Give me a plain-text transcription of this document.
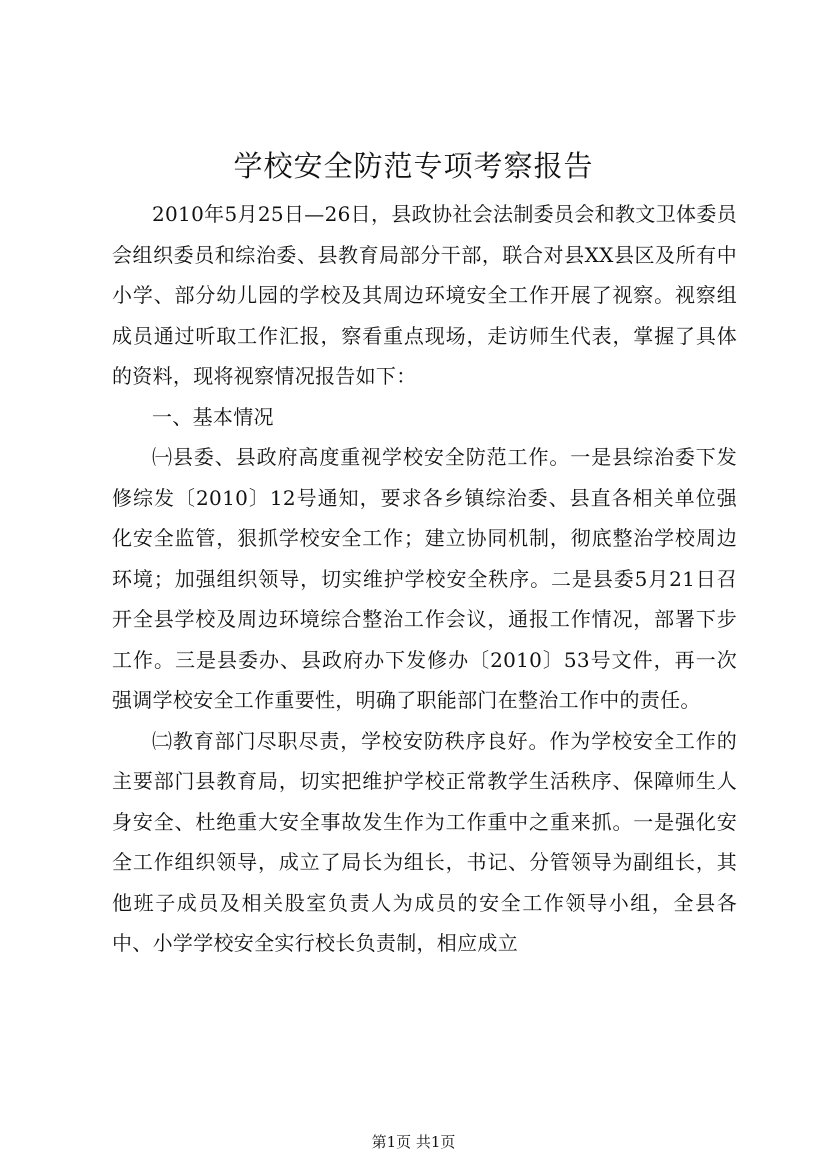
学校安全防范专项考察报告

2010年5月25日—26日，县政协社会法制委员会和教文卫体委员会组织委员和综治委、县教育局部分干部，联合对县XX县区及所有中小学、部分幼儿园的学校及其周边环境安全工作开展了视察。视察组成员通过听取工作汇报，察看重点现场，走访师生代表，掌握了具体的资料，现将视察情况报告如下：

一、基本情况

㈠县委、县政府高度重视学校安全防范工作。一是县综治委下发修综发〔2010〕12号通知，要求各乡镇综治委、县直各相关单位强化安全监管，狠抓学校安全工作；建立协同机制，彻底整治学校周边环境；加强组织领导，切实维护学校安全秩序。二是县委5月21日召开全县学校及周边环境综合整治工作会议，通报工作情况，部署下步工作。三是县委办、县政府办下发修办〔2010〕53号文件，再一次强调学校安全工作重要性，明确了职能部门在整治工作中的责任。

㈡教育部门尽职尽责，学校安防秩序良好。作为学校安全工作的主要部门县教育局，切实把维护学校正常教学生活秩序、保障师生人身安全、杜绝重大安全事故发生作为工作重中之重来抓。一是强化安全工作组织领导，成立了局长为组长，书记、分管领导为副组长，其他班子成员及相关股室负责人为成员的安全工作领导小组，全县各中、小学学校安全实行校长负责制，相应成立

第1页 共1页
